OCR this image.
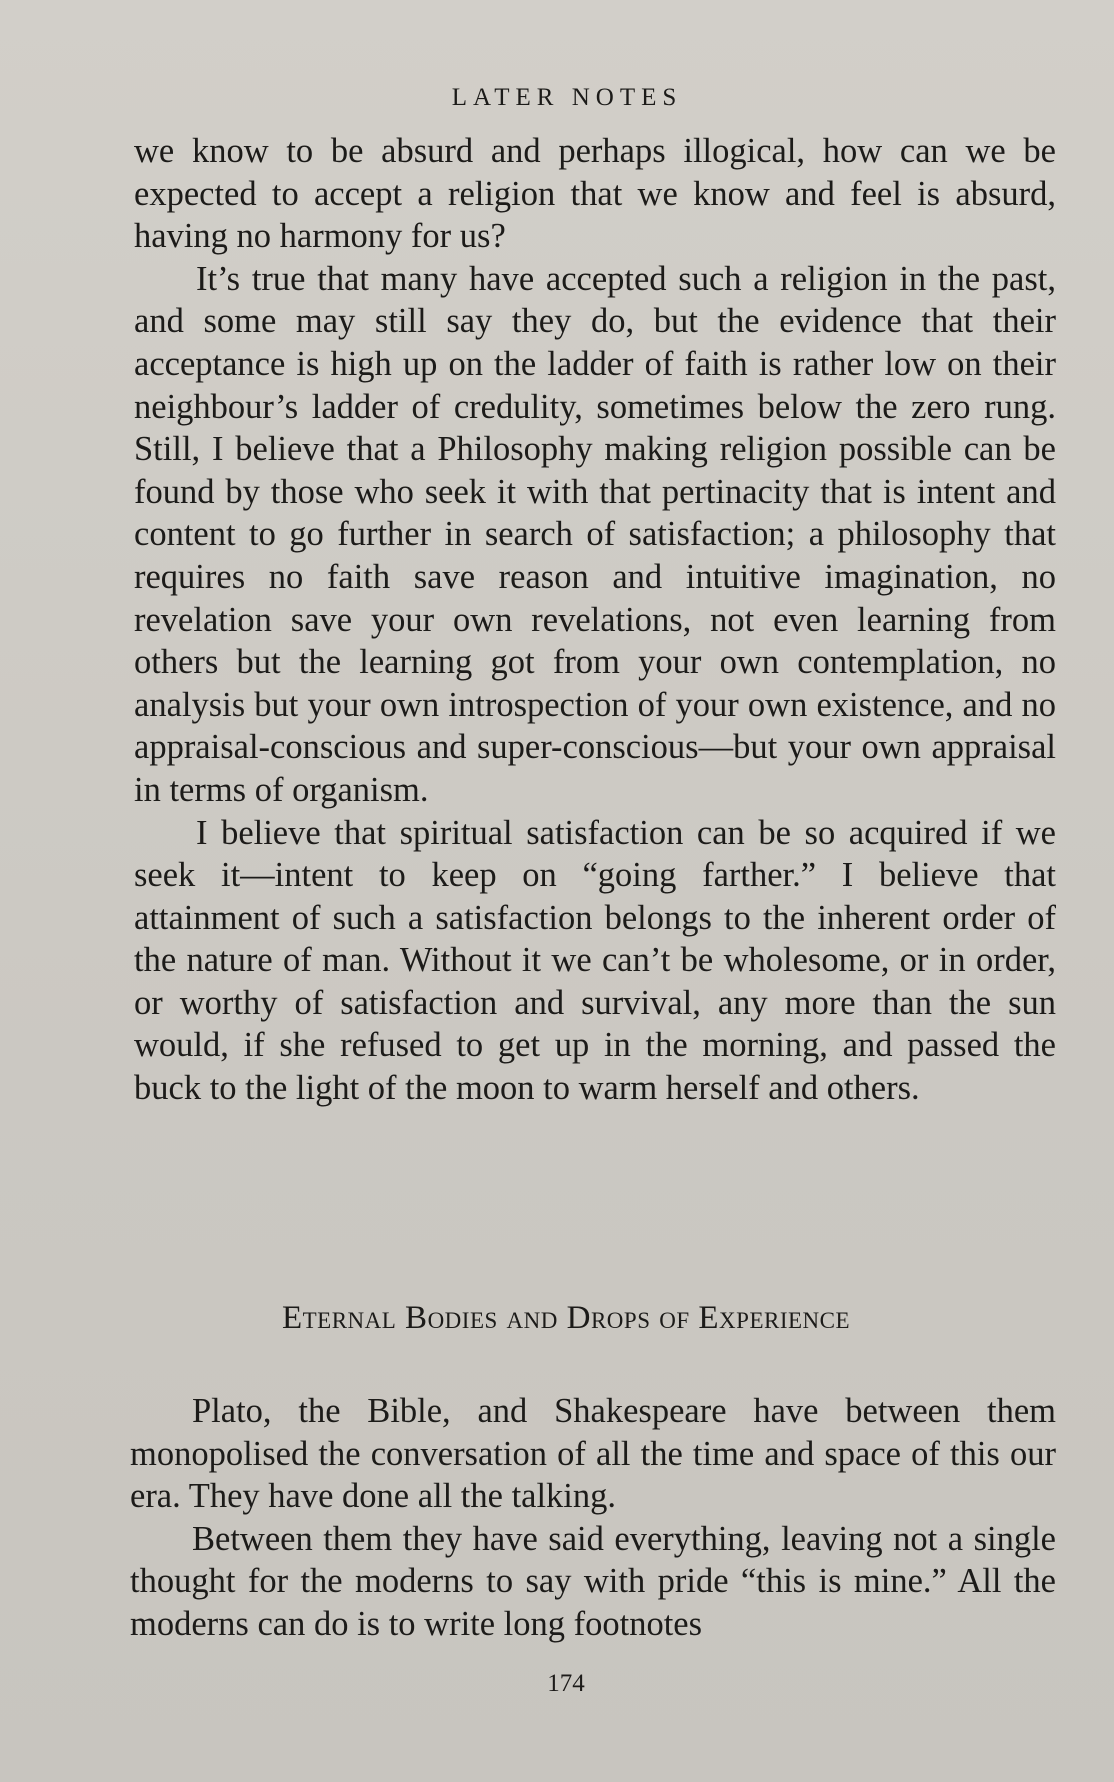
LATER NOTES

we know to be absurd and perhaps illogical, how can we be expected to accept a religion that we know and feel is absurd, having no harmony for us?

It’s true that many have accepted such a religion in the past, and some may still say they do, but the evidence that their acceptance is high up on the ladder of faith is rather low on their neighbour’s ladder of credulity, sometimes below the zero rung. Still, I believe that a Philosophy making religion possible can be found by those who seek it with that pertinacity that is intent and content to go further in search of satisfaction; a philosophy that requires no faith save reason and intuitive imagination, no revelation save your own revelations, not even learning from others but the learning got from your own contemplation, no analysis but your own introspection of your own existence, and no appraisal-conscious and super-conscious—but your own appraisal in terms of organism.

I believe that spiritual satisfaction can be so acquired if we seek it—intent to keep on “going farther.” I believe that attainment of such a satisfaction belongs to the inherent order of the nature of man. Without it we can’t be wholesome, or in order, or worthy of satisfaction and survival, any more than the sun would, if she refused to get up in the morning, and passed the buck to the light of the moon to warm herself and others.

Eternal Bodies and Drops of Experience

Plato, the Bible, and Shakespeare have between them monopolised the conversation of all the time and space of this our era. They have done all the talking.

Between them they have said everything, leaving not a single thought for the moderns to say with pride “this is mine.” All the moderns can do is to write long footnotes

174
